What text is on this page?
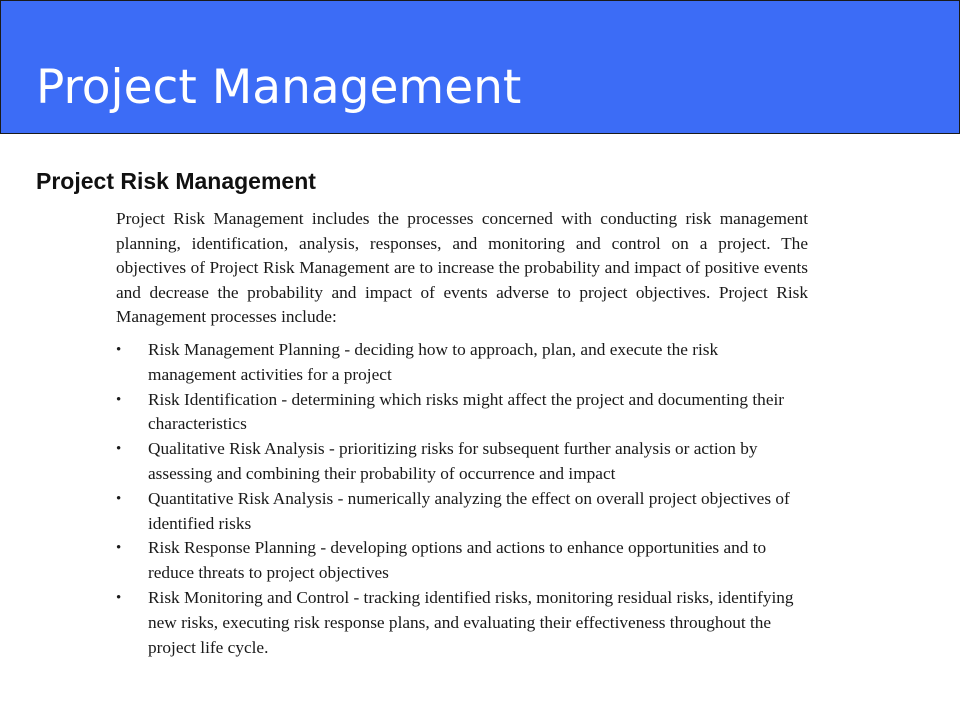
Project Management
Project Risk Management

Project Risk Management includes the processes concerned with conducting risk management planning, identification, analysis, responses, and monitoring and control on a project. The objectives of Project Risk Management are to increase the probability and impact of positive events and decrease the probability and impact of events adverse to project objectives. Project Risk Management processes include:

•	Risk Management Planning - deciding how to approach, plan, and execute the risk management activities for a project
•	Risk Identification - determining which risks might affect the project and documenting their characteristics
•	Qualitative Risk Analysis - prioritizing risks for subsequent further analysis or action by assessing and combining their probability of occurrence and impact
•	Quantitative Risk Analysis - numerically analyzing the effect on overall project objectives of identified risks
•	Risk Response Planning - developing options and actions to enhance opportunities and to reduce threats to project objectives
•	Risk Monitoring and Control - tracking identified risks, monitoring residual risks, identifying new risks, executing risk response plans, and evaluating their effectiveness throughout the project life cycle.
